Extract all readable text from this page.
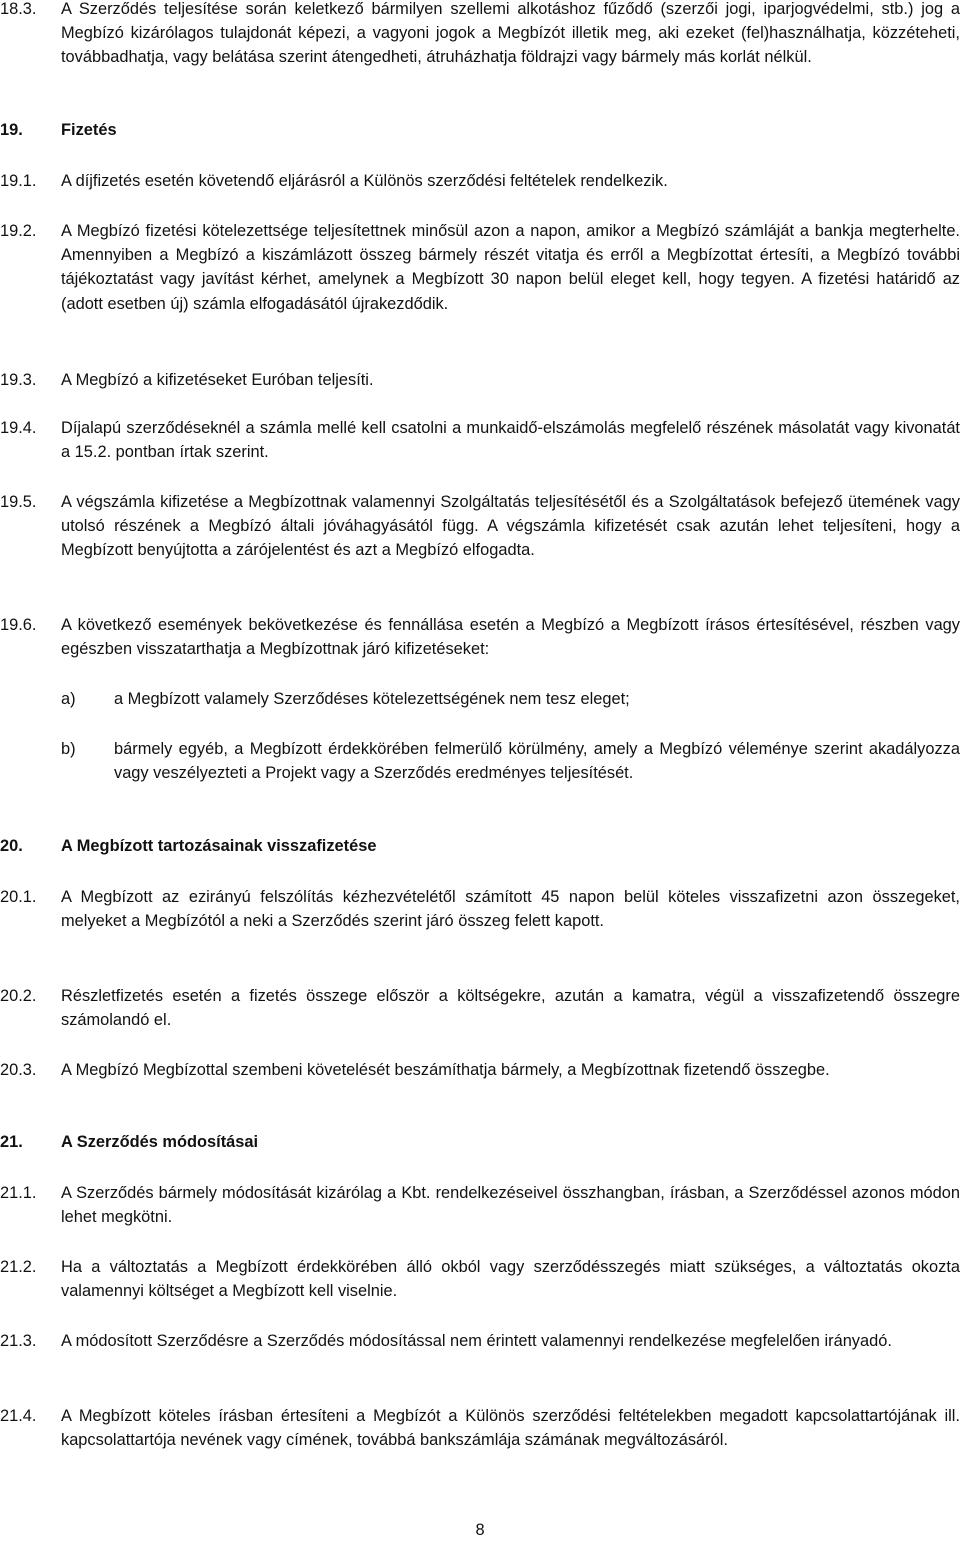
18.3.	A Szerződés teljesítése során keletkező bármilyen szellemi alkotáshoz fűződő (szerzői jogi, iparjogvédelmi, stb.) jog a Megbízó kizárólagos tulajdonát képezi, a vagyoni jogok a Megbízót illetik meg, aki ezeket (fel)használhatja, közzéteheti, továbbadhatja, vagy belátása szerint átengedheti, átruházhatja földrajzi vagy bármely más korlát nélkül.
19.	Fizetés
19.1.	A díjfizetés esetén követendő eljárásról a Különös szerződési feltételek rendelkezik.
19.2.	A Megbízó fizetési kötelezettsége teljesítettnek minősül azon a napon, amikor a Megbízó számláját a bankja megterhelte. Amennyiben a Megbízó a kiszámlázott összeg bármely részét vitatja és erről a Megbízottat értesíti, a Megbízó további tájékoztatást vagy javítást kérhet, amelynek a Megbízott 30 napon belül eleget kell, hogy tegyen. A fizetési határidő az (adott esetben új) számla elfogadásától újrakezdődik.
19.3.	A Megbízó a kifizetéseket Euróban teljesíti.
19.4.	Díjalapú szerződéseknél a számla mellé kell csatolni a munkaidő-elszámolás megfelelő részének másolatát vagy kivonatát a 15.2. pontban írtak szerint.
19.5.	A végszámla kifizetése a Megbízottnak valamennyi Szolgáltatás teljesítésétől és a Szolgáltatások befejező ütemének vagy utolsó részének a Megbízó általi jóváhagyásától függ. A végszámla kifizetését csak azután lehet teljesíteni, hogy a Megbízott benyújtotta a zárójelentést és azt a Megbízó elfogadta.
19.6.	A következő események bekövetkezése és fennállása esetén a Megbízó a Megbízott írásos értesítésével, részben vagy egészben visszatarthatja a Megbízottnak járó kifizetéseket:
a)	a Megbízott valamely Szerződéses kötelezettségének nem tesz eleget;
b)	bármely egyéb, a Megbízott érdekkörében felmerülő körülmény, amely a Megbízó véleménye szerint akadályozza vagy veszélyezteti a Projekt vagy a Szerződés eredményes teljesítését.
20.	A Megbízott tartozásainak visszafizetése
20.1.	A Megbízott az ezirányú felszólítás kézhezvételétől számított 45 napon belül köteles visszafizetni azon összegeket, melyeket a Megbízótól a neki a Szerződés szerint járó összeg felett kapott.
20.2.	Részletfizetés esetén a fizetés összege először a költségekre, azután a kamatra, végül a visszafizetendő összegre számolandó el.
20.3.	A Megbízó Megbízottal szembeni követelését beszámíthatja bármely, a Megbízottnak fizetendő összegbe.
21.	A Szerződés módosításai
21.1.	A Szerződés bármely módosítását kizárólag a Kbt. rendelkezéseivel összhangban, írásban, a Szerződéssel azonos módon lehet megkötni.
21.2.	Ha a változtatás a Megbízott érdekkörében álló okból vagy szerződésszegés miatt szükséges, a változtatás okozta valamennyi költséget a Megbízott kell viselnie.
21.3.	A módosított Szerződésre a Szerződés módosítással nem érintett valamennyi rendelkezése megfelelően irányadó.
21.4.	A Megbízott köteles írásban értesíteni a Megbízót a Különös szerződési feltételekben megadott kapcsolattartójának ill. kapcsolattartója nevének vagy címének, továbbá bankszámlája számának megváltozásáról.
8
